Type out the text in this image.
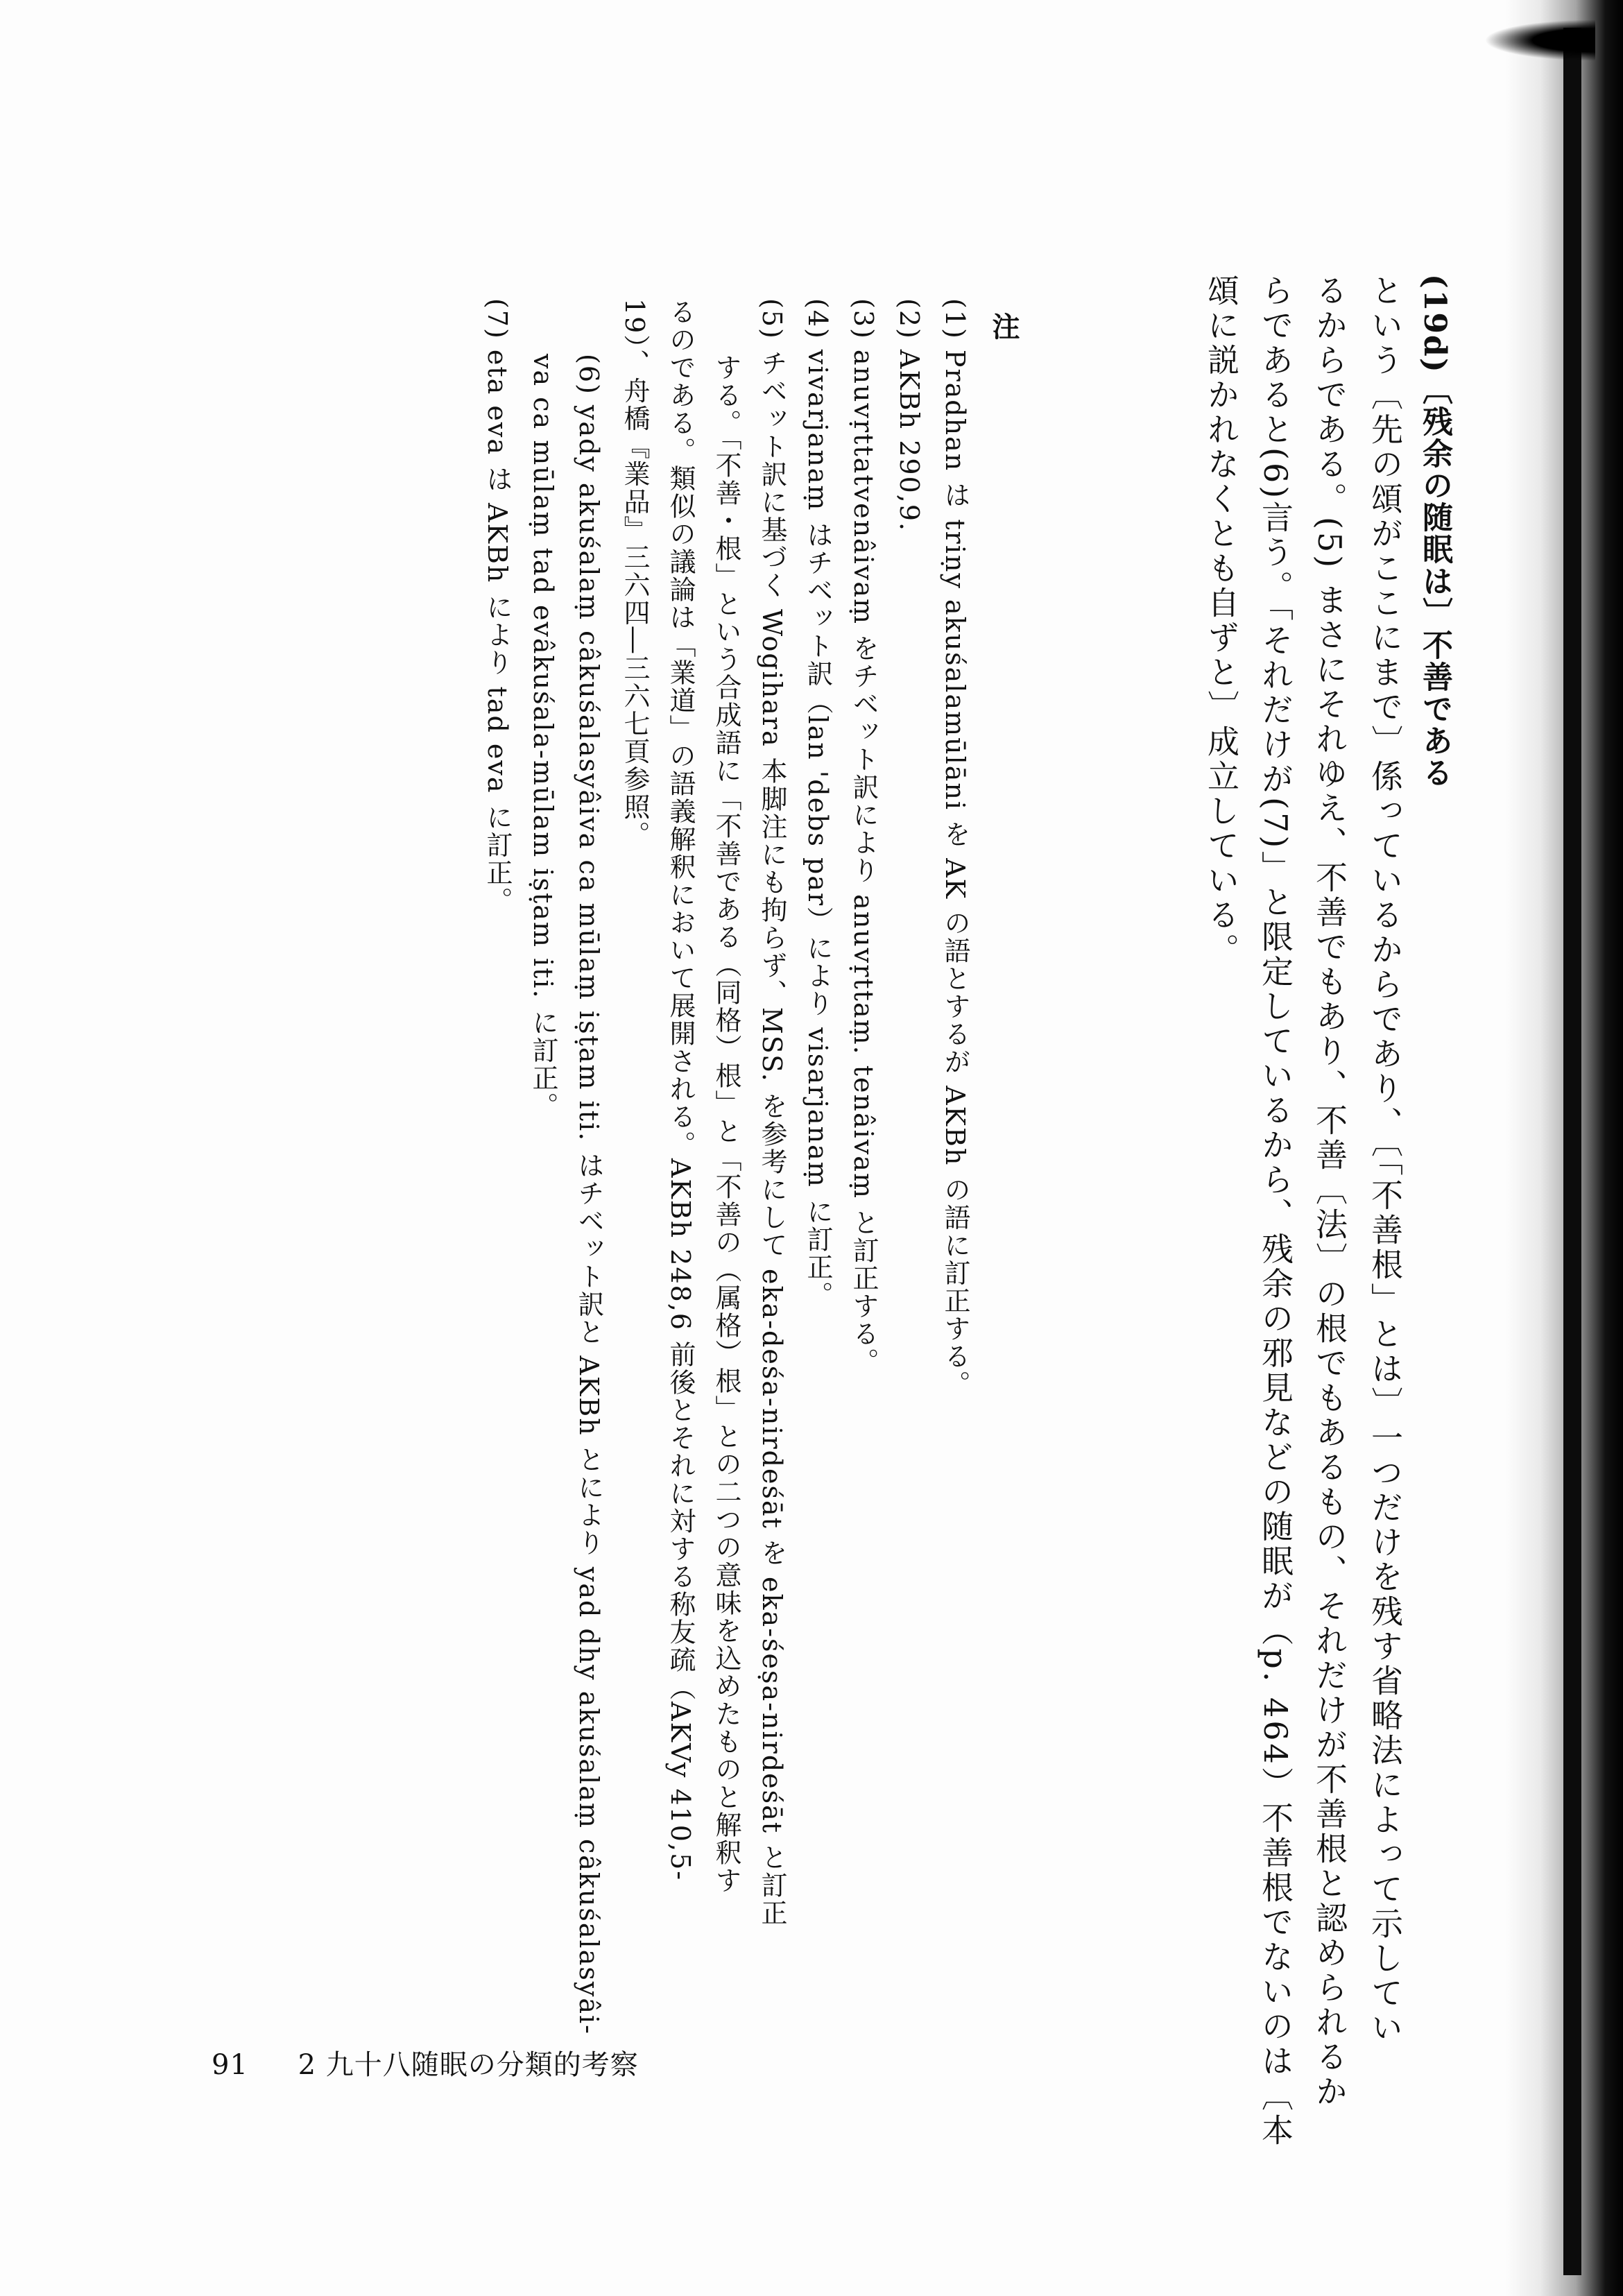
(19d)〔残余の随眠は〕不善である
という〔先の頌がここにまで〕係っているからであり、〔「不善根」とは〕一つだけを残す省略法によって示してい
るからである。(5) まさにそれゆえ、不善でもあり、不善〔法〕の根でもあるもの、それだけが不善根と認められるか
らであると(6)言う。「それだけが(7)」と限定しているから、残余の邪見などの随眠が（p. 464）不善根でないのは〔本
頌に説かれなくとも自ずと〕成立している。
注
(1) Pradhan は triṇy akuśalamūlāni を AK の語とするが AKBh の語に訂正する。
(2) AKBh 290,9.
(3) anuvṛttatvenâivaṃ をチベット訳により anuvṛttaṃ. tenâivaṃ と訂正する。
(4) vivarjanaṃ はチベット訳（lan 'debs par）により visarjanaṃ に訂正。
(5) チベット訳に基づく Wogihara 本脚注にも拘らず、MSS. を参考にして eka-deśa-nirdeśāt を eka-śeṣa-nirdeśāt と訂正
する。「不善・根」という合成語に「不善である（同格）根」と「不善の（属格）根」との二つの意味を込めたものと解釈す
るのである。類似の議論は「業道」の語義解釈において展開される。AKBh 248,6 前後とそれに対する称友疏（AKVy 410,5-
19）、舟橋『業品』三六四―三六七頁参照。
(6) yady akuśalaṃ câkuśalasyâiva ca mūlaṃ iṣṭam iti. はチベット訳と AKBh とにより yad dhy akuśalaṃ câkuśalasyâi-
va ca mūlaṃ tad evâkuśala-mūlam iṣṭam iti. に訂正。
(7) eta eva は AKBh により tad eva に訂正。
91 2 九十八随眠の分類的考察
